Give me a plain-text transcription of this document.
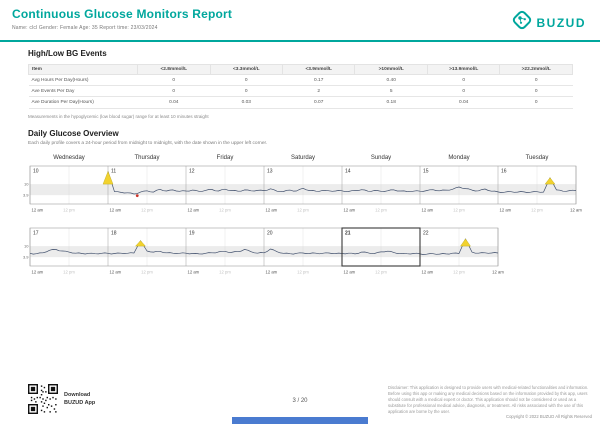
Continuous Glucose Monitors Report
Name: clcl Gender: Female Age: 35 Report time: 23/03/2024	BUZUD
High/Low BG Events
Item	<2.8mmol/L	<3.3mmol/L	<3.9mmol/L	>10mmol/L	>13.9mmol/L	>22.2mmol/L
Avg Hours Per Day(Hours)	0	0	0.17	0.40	0	0
Ave Events Per Day	0	0	2	5	0	0
Ave Duration Per Day(Hours)	0.04	0.03	0.07	0.18	0.04	0
Measurements in the hypoglycemic (low blood sugar) range for at least 10 minutes straight
Daily Glucose Overview
Each daily profile covers a 24-hour period from midnight to midnight, with the date shown in the upper left corner.
Wednesday	Thursday	Friday	Saturday	Sunday	Monday	Tuesday
10	11	12	13	14	15	16
12 am	12 pm	12 am	12 pm	12 am	12 pm	12 am	12 pm	12 am	12 pm	12 am	12 pm	12 am	12 pm	12 am
10
3.9
17	18	19	20	21	22
12 am	12 pm	12 am	12 pm	12 am	12 pm	12 am	12 pm	12 am	12 pm	12 am	12 pm	12 am
10
3.9
Download
BUZUD App	3 / 20
Disclaimer: This application is designed to provide users with medical-related functionalities and information. Before using this app or making any medical decisions based on the information provided by this app, users should consult with a medical expert or doctor. This application should not be considered or used as a substitute for professional medical advice, diagnosis, or treatment. All risks associated with the use of this application are borne by the user.
Copyright © 2022 BUZUD All Rights Reserved
